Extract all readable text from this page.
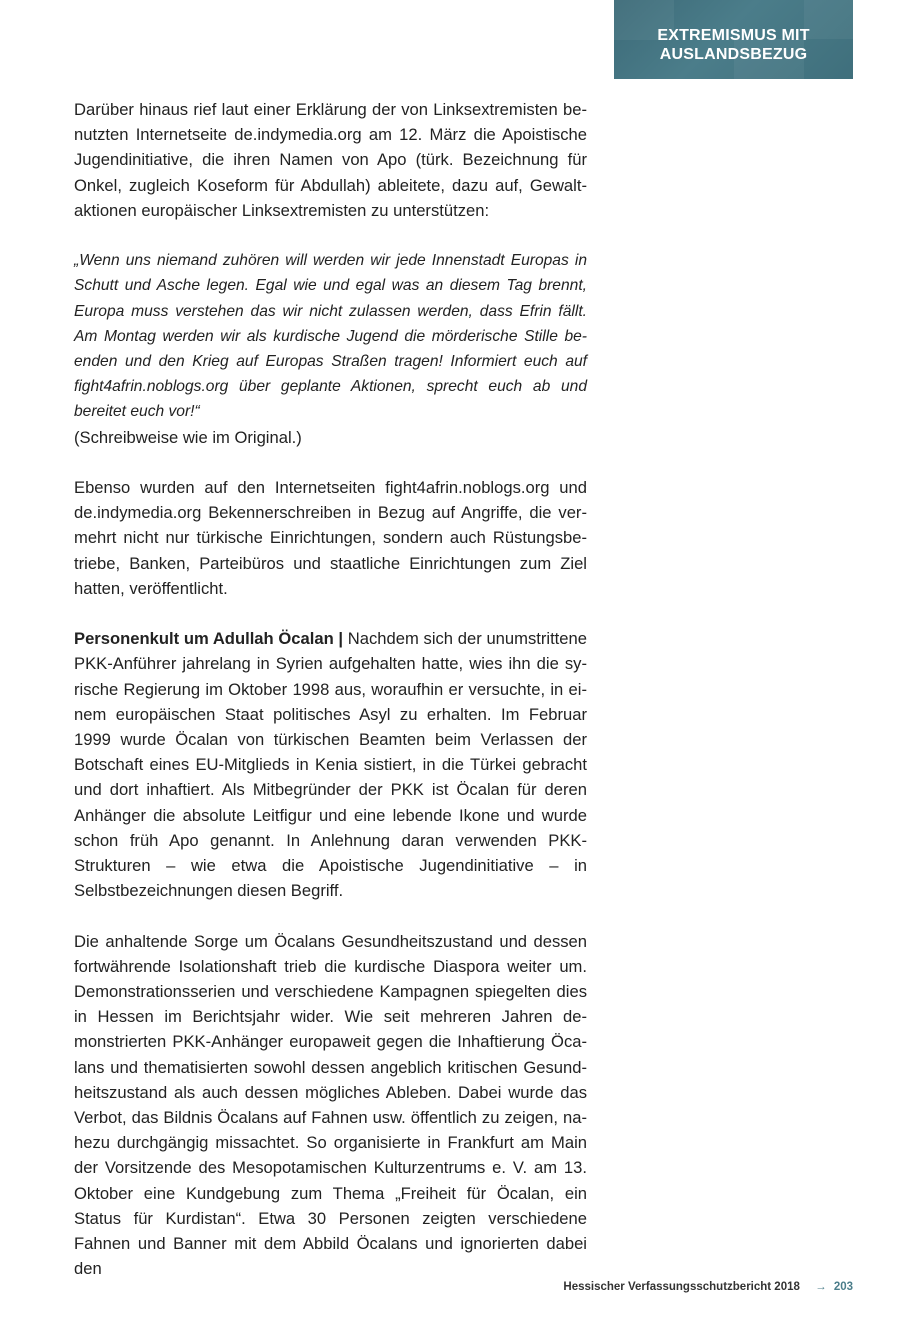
EXTREMISMUS MIT
AUSLANDSBEZUG

Darüber hinaus rief laut einer Erklärung der von Linksextremisten benutzten Internetseite de.indymedia.org am 12. März die Apoistische Jugendinitiative, die ihren Namen von Apo (türk. Bezeichnung für Onkel, zugleich Koseform für Abdullah) ableitete, dazu auf, Gewaltaktionen europäischer Linksextremisten zu unterstützen:

„Wenn uns niemand zuhören will werden wir jede Innenstadt Europas in Schutt und Asche legen. Egal wie und egal was an diesem Tag brennt, Europa muss verstehen das wir nicht zulassen werden, dass Efrin fällt. Am Montag werden wir als kurdische Jugend die mörderische Stille beenden und den Krieg auf Europas Straßen tragen! Informiert euch auf fight4afrin.noblogs.org über geplante Aktionen, sprecht euch ab und bereitet euch vor!“

(Schreibweise wie im Original.)

Ebenso wurden auf den Internetseiten fight4afrin.noblogs.org und de.indymedia.org Bekennerschreiben in Bezug auf Angriffe, die vermehrt nicht nur türkische Einrichtungen, sondern auch Rüstungsbetriebe, Banken, Parteibüros und staatliche Einrichtungen zum Ziel hatten, veröffentlicht.

Personenkult um Adullah Öcalan | Nachdem sich der unumstrittene PKK-Anführer jahrelang in Syrien aufgehalten hatte, wies ihn die syrische Regierung im Oktober 1998 aus, woraufhin er versuchte, in einem europäischen Staat politisches Asyl zu erhalten. Im Februar 1999 wurde Öcalan von türkischen Beamten beim Verlassen der Botschaft eines EU-Mitglieds in Kenia sistiert, in die Türkei gebracht und dort inhaftiert. Als Mitbegründer der PKK ist Öcalan für deren Anhänger die absolute Leitfigur und eine lebende Ikone und wurde schon früh Apo genannt. In Anlehnung daran verwenden PKK-Strukturen – wie etwa die Apoistische Jugendinitiative – in Selbstbezeichnungen diesen Begriff.

Die anhaltende Sorge um Öcalans Gesundheitszustand und dessen fortwährende Isolationshaft trieb die kurdische Diaspora weiter um. Demonstrationsserien und verschiedene Kampagnen spiegelten dies in Hessen im Berichtsjahr wider. Wie seit mehreren Jahren demonstrierten PKK-Anhänger europaweit gegen die Inhaftierung Öcalans und thematisierten sowohl dessen angeblich kritischen Gesundheitszustand als auch dessen mögliches Ableben. Dabei wurde das Verbot, das Bildnis Öcalans auf Fahnen usw. öffentlich zu zeigen, nahezu durchgängig missachtet. So organisierte in Frankfurt am Main der Vorsitzende des Mesopotamischen Kulturzentrums e. V. am 13. Oktober eine Kundgebung zum Thema „Freiheit für Öcalan, ein Status für Kurdistan“. Etwa 30 Personen zeigten verschiedene Fahnen und Banner mit dem Abbild Öcalans und ignorierten dabei den

Hessischer Verfassungsschutzbericht 2018 → 203
